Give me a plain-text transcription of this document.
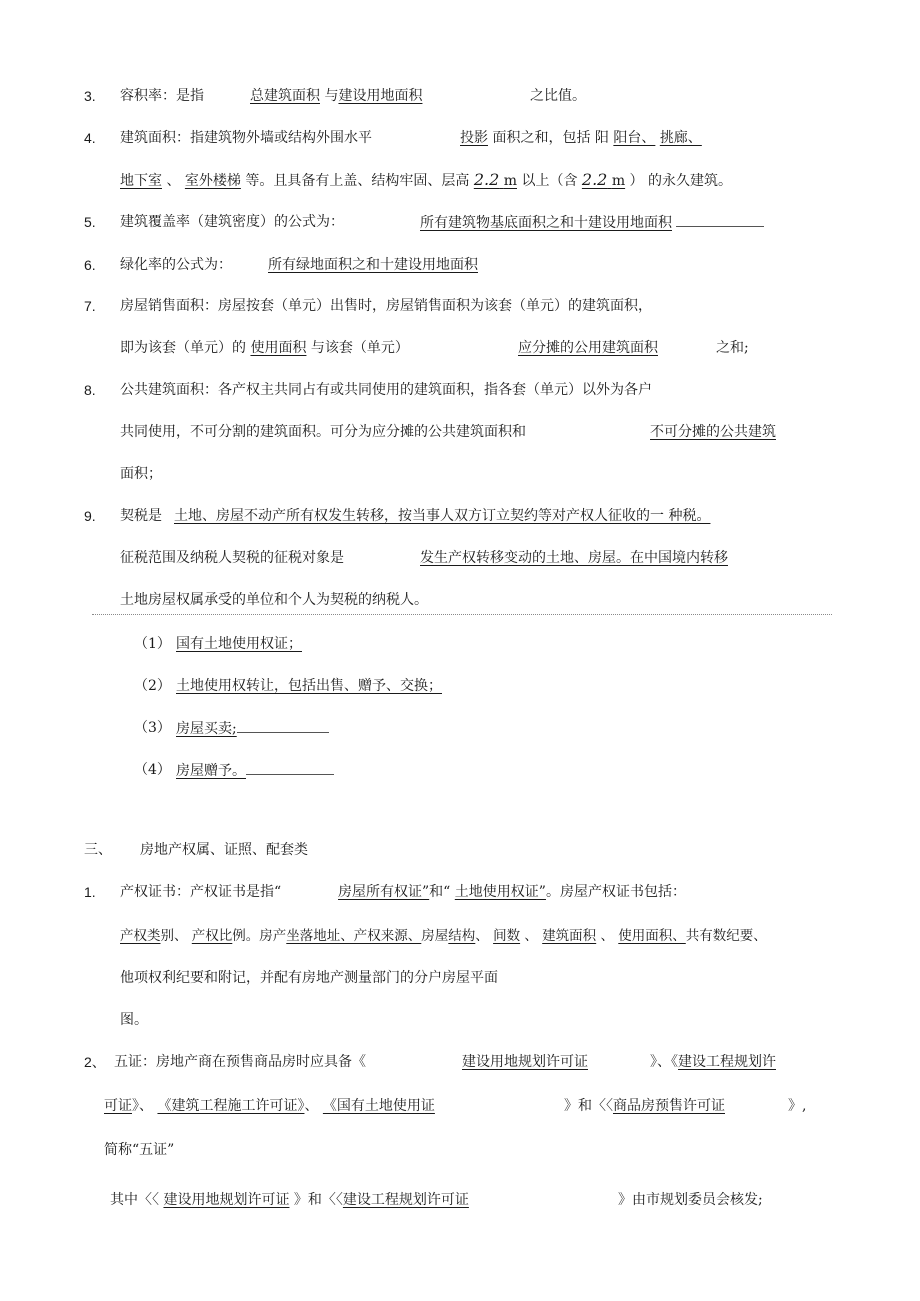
3. 容积率：是指	总建筑面积 与建设用地面积	之比值。
4. 建筑面积：指建筑物外墙或结构外围水平	投影 面积之和，包括 阳 阳台、 挑廊、
地下室 、 室外楼梯 等。且具备有上盖、结构牢固、层高 2.2 m 以上（含 2.2 m ） 的永久建筑。
5. 建筑覆盖率（建筑密度）的公式为：	所有建筑物基底面积之和十建设用地面积
6. 绿化率的公式为：	所有绿地面积之和十建设用地面积
7. 房屋销售面积：房屋按套（单元）出售时，房屋销售面积为该套（单元）的建筑面积，
即为该套（单元）的 使用面积 与该套（单元）	应分摊的公用建筑面积	之和;
8. 公共建筑面积：各产权主共同占有或共同使用的建筑面积，指各套（单元）以外为各户
共同使用，不可分割的建筑面积。可分为应分摊的公共建筑面积和	不可分摊的公共建筑
面积；
9. 契税是 土地、房屋不动产所有权发生转移，按当事人双方订立契约等对产权人征收的一 种税。
征税范围及纳税人契税的征税对象是	发生产权转移变动的土地、房屋。在中国境内转移
土地房屋权属承受的单位和个人为契税的纳税人。
（1） 国有土地使用权证；
（2） 土地使用权转让，包括出售、赠予、交换；
（3） 房屋买卖;
（4） 房屋赠予。
三、 房地产权属、证照、配套类
1. 产权证书：产权证书是指“	房屋所有权证”和“ 土地使用权证”。房屋产权证书包括：
产权类别、 产权比例。房产坐落地址、产权来源、房屋结构、 间数 、 建筑面积 、 使用面积、共有数纪要、
他项权利纪要和附记，并配有房地产测量部门的分户房屋平面
图。
2、 五证：房地产商在预售商品房时应具备《	建设用地规划许可证	》、《建设工程规划许
可证》、 《建筑工程施工许可证》、 《国有土地使用证	》和〈〈商品房预售许可证	》,
简称“五证”
其中〈〈 建设用地规划许可证 》和〈〈建设工程规划许可证	》由市规划委员会核发;
